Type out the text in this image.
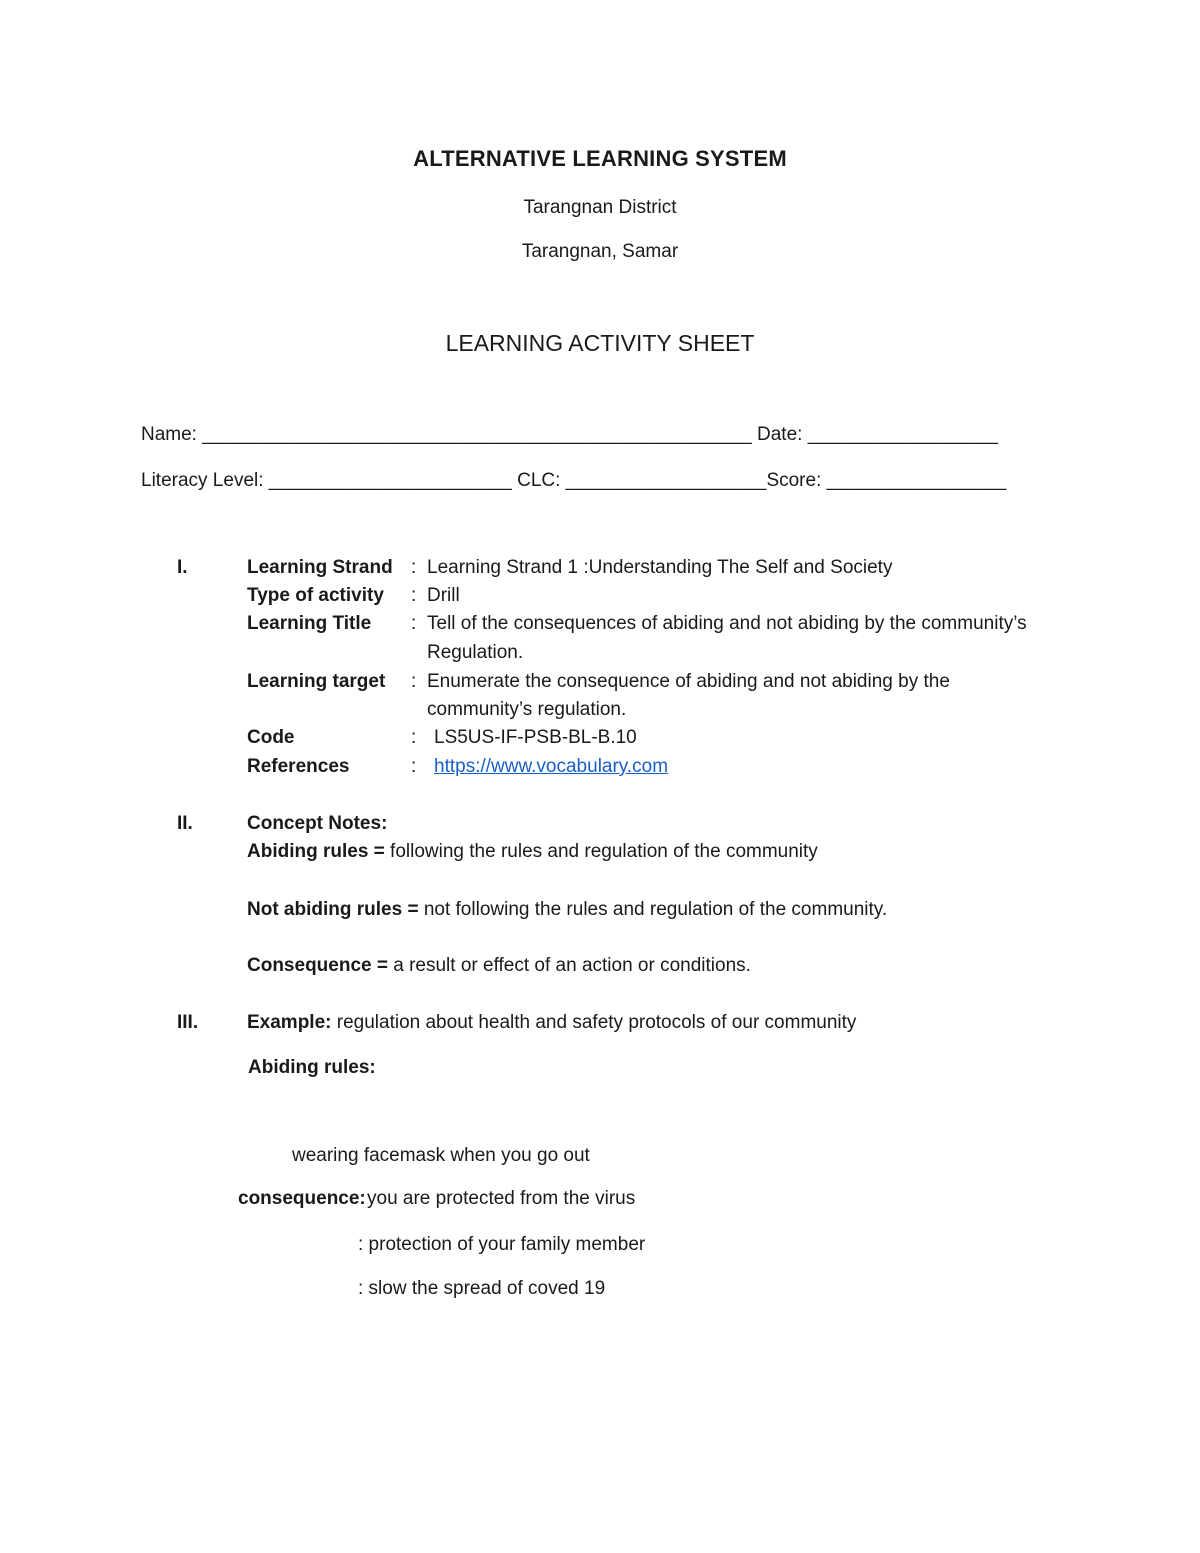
ALTERNATIVE LEARNING SYSTEM
Tarangnan District
Tarangnan, Samar
LEARNING ACTIVITY SHEET
Name: ____________________________________________________ Date: __________________
Literacy Level: _______________________ CLC: ___________________Score: _________________
I.	Learning Strand : Learning Strand 1 :Understanding The Self and Society
Type of activity : Drill
Learning Title : Tell of the consequences of abiding and not abiding by the community’s
Regulation.
Learning target : Enumerate the consequence of abiding and not abiding by the
community’s regulation.
Code	: LS5US-IF-PSB-BL-B.10
References	: https://www.vocabulary.com
II.	Concept Notes:
Abiding rules = following the rules and regulation of the community
Not abiding rules = not following the rules and regulation of the community.
Consequence = a result or effect of an action or conditions.
III.	Example: regulation about health and safety protocols of our community
Abiding rules:
wearing facemask when you go out
consequence: you are protected from the virus
: protection of your family member
: slow the spread of coved 19
